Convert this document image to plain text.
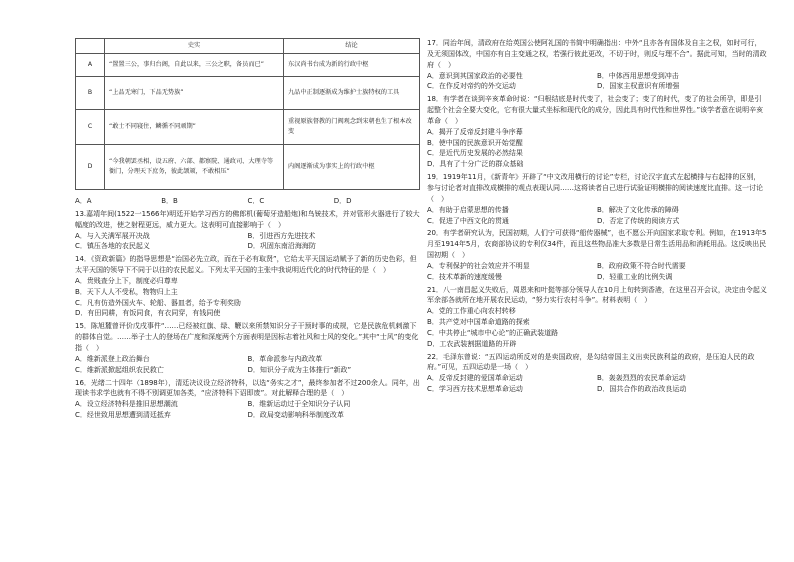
	史实	结论
A	“置置三公，事归台阁，自此以来，三公之职，备员而已”	东汉尚书台成为新的行政中枢
B	“上品无寒门，下品无势族”	九品中正制逐渐成为维护士族特权的工具
C	“敢士不同寝住，鳞循不同顽期”	重视原族督教的门阀观念到宋朝也生了根本改变
D	“今我朝罢丞相，设五府、六部、都察院、通政司、大理寺等衙门，分理天下庶务，彼此颉颃，不敢相压”	内阁逐渐成为事实上的行政中枢
A．A	B．B	C．C	D．D

13.嘉靖年间(1522一1566年)明廷开始学习西方的佛郎机(葡萄牙造船炮)和鸟铳技术，并对管形火器进行了较大幅度的改进，使之射程更远，威力更大。这表明可直接影响于（　）

A．与入关满军展开决战	B．引进西方先进技术
C．镇压各地的农民起义	D．巩固东南沿海海防

14．《资政新篇》的指导思想是“治国必先立政，而在于必有取贤”，它给太平天国运动赋予了新的历史色彩，但太平天国的领导下不同于以往的农民起义。下列太平天国的主张中我说明近代化的时代特征的是（　）

A．贵贱查分上下，制度必归尊卑

B．天下人人不受私，物物归上主

C．凡有仿造外国火车、轮船、器皿者，给予专利奖励

D．有田同耕，有饭同食，有衣同穿，有钱同使

15．陈旭麓曾评价戊戌事件“……已经被红旗、绿、鞭以来所禁知识分子干预时事的成规，它是民族危机刺激下的群体自觉。……举子士人的登场在广度和深度两个方面表明是因标志着社风和士风的变化。”其中“士风”的变化指（　）

A．维新派登上政治舞台	B．革命派参与内政改革
C．维新派掀起组织农民救亡	D．知识分子成为主体推行“新政”

16．光绪二十四年（1898年），清廷决议设立经济特科，以选“务实之才”，最终参加者不过200余人。同年，出现读书求学也就有不得不别调更加各类，“应济特科下诏即废”。对此解释合理的是（　）

A．设立经济特科是推旧思想潮流	B．维新运动过于全知识分子认同
C．经世致用思想遭到清廷抵弃	D．政局变动影响科举制度改革

17．同治年间，清政府在给英国公使阿礼国的书简中明确指出：中外“且亦各有国体及自主之权，如时可行，及无须国体改，中国亦有自主变通之权，若强行彼此更改，不切于时，则反与理不合”。据此可知，当时的清政府（　）

A．意识到其国家政治的必要性	B．中体西用思想受到冲击
C．在作反对帝约的外交运动	D．国家主权意识有所增强

18．有学者在谈到辛亥革命时说：“归根结底是时代变了，社会变了；变了的时代，变了的社会所孕，即是引起整个社会全要大变化，它有很大量式坐标和现代化的成分，因此具有时代性和世界性。”该学者意在说明辛亥革命（　）

A．揭开了反帝反封建斗争序幕

B．使中国的民族意识开始觉醒

C．是近代历史发展的必然结果

D．具有了十分广泛的群众基础

19．1919年11月，《新青年》开辟了“中文改用横行的讨论”专栏，讨论汉字直式左起横排与右起排的区别，参与讨论者对直排改成横排的观点表现认同……这将读者自己进行试验证明横排的阅读速度比直排。这一讨论（　）

A．有助于启蒙思想的传播	B．解决了文化传承的障碍
C．促进了中西文化的贯通	D．否定了传统的阅读方式

20．有学者研究认为，民国初期，人们宁可获得“船传器械”，也不愿公开向国家求取专利。例如，在1913年5月至1914年5月，农商部协议的专利仅34件，而且这些物品准大多数是日常生活用品和消耗用品。这反映出民国初期（　）

A．专利保护的社会效应并不明显	B．政府政策不符合时代需要
C．技术革新的速度缓慢	D．轻重工业的比例失调

21．八一南昌起义失败后，周恩来和叶挺等部分领导人在10月上旬转到香港，在这里召开会议，决定由令起义军余部各就所在地开展农民运动，“努力实行农村斗争”。材料表明（　）

A．党的工作重心向农村转移

B．共产党对中国革命道路的探索

C．中共停止“城市中心论”的正确武装道路

D．工农武装割据道路的开辟

22．毛泽东曾说：“五四运动所反对的是卖国政府，是勾结帝国主义出卖民族利益的政府，是压迫人民的政府。”可见，五四运动是一场（　）

A．反帝反封建的爱国革命运动	B．轰轰烈烈的农民革命运动
C．学习西方技术思想革命运动	D．国共合作的政治改良运动
